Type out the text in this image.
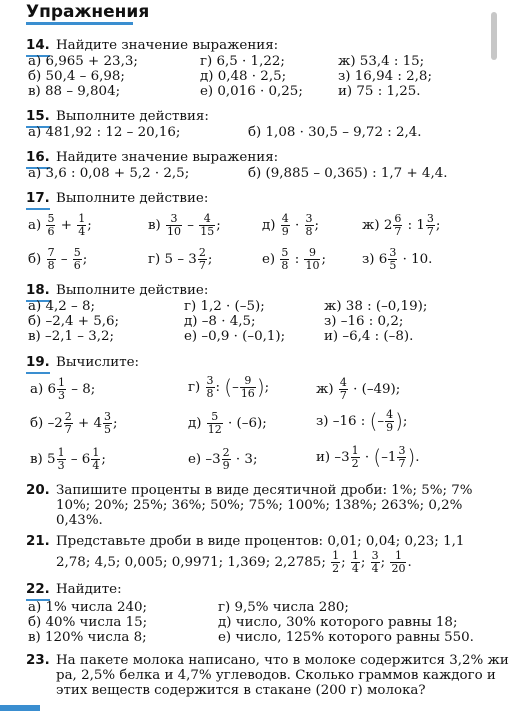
Упражнения
14. Найдите значение выражения:
а) 6,965 + 23,3;	г) 6,5 · 1,22;	ж) 53,4 : 15;
б) 50,4 – 6,98;	д) 0,48 · 2,5;	з) 16,94 : 2,8;
в) 88 – 9,804;	е) 0,016 · 0,25;	и) 75 : 1,25.
15. Выполните действия:
а) 481,92 : 12 – 20,16;	б) 1,08 · 30,5 – 9,72 : 2,4.
16. Найдите значение выражения:
а) 3,6 : 0,08 + 5,2 · 2,5;	б) (9,885 – 0,365) : 1,7 + 4,4.
17. Выполните действие:
$а) \frac{5}{6} + \frac{1}{4}$ ;	$в) \frac{3}{10} - \frac{4}{15}$ ;	$д) \frac{4}{9} \cdot \frac{3}{8}$ ;	ж) $2 \frac{6}{7}$ : $1 \frac{3}{7}$ ;
$б) \frac{7}{8} - \frac{5}{6}$ ;	г) $5 - 3 \frac{2}{7}$ ;	$е) \frac{5}{8}$ : $\frac{9}{10}$ ;	з) $6 \frac{3}{5} \cdot 10$.
18. Выполните действие:
а) 4,2 – 8;	г) 1,2 · (–5);	ж) 38 : (–0,19);
б) –2,4 + 5,6;	д) –8 · 4,5;	з) –16 : 0,2;
в) –2,1 – 3,2;	е) –0,9 · (–0,1);	и) –6,4 : (–8).
19. Вычислите:
а) $6 \frac{1}{3} - 8$;	$г) \frac{3}{8}$ : (– $\frac{9}{16}$ );	$ж) \frac{4}{7} \cdot (-49)$;
б) $-2 \frac{2}{7} + 4 \frac{3}{5}$ ;	$д) \frac{5}{12} \cdot (-6)$;	з) –16 : (– $\frac{4}{9}$ );
в) $5 \frac{1}{3} - 6 \frac{1}{4}$ ;	е) $-3 \frac{2}{9} \cdot 3$;	и) $-3 \frac{1}{2} \cdot (-1 \frac{3}{7}$ ).
20. Запишите проценты в виде десятичной дроби: 1%; 5%; 7%
10%; 20%; 25%; 36%; 50%; 75%; 100%; 138%; 263%; 0,2%
0,43%.
21. Представьте дроби в виде процентов: 0,01; 0,04; 0,23; 1,1
2,78; 4,5; 0,005; 0,9971; 1,369; 2,2785; $\frac{1}{2}$ ; $\frac{1}{4}$ ; $\frac{3}{4}$ ; $\frac{1}{20}$ .
22. Найдите:
а) 1% числа 240;	г) 9,5% числа 280;
б) 40% числа 15;	д) число, 30% которого равны 18;
в) 120% числа 8;	е) число, 125% которого равны 550.
23. На пакете молока написано, что в молоке содержится 3,2% жи
ра, 2,5% белка и 4,7% углеводов. Сколько граммов каждого и
этих веществ содержится в стакане (200 г) молока?
